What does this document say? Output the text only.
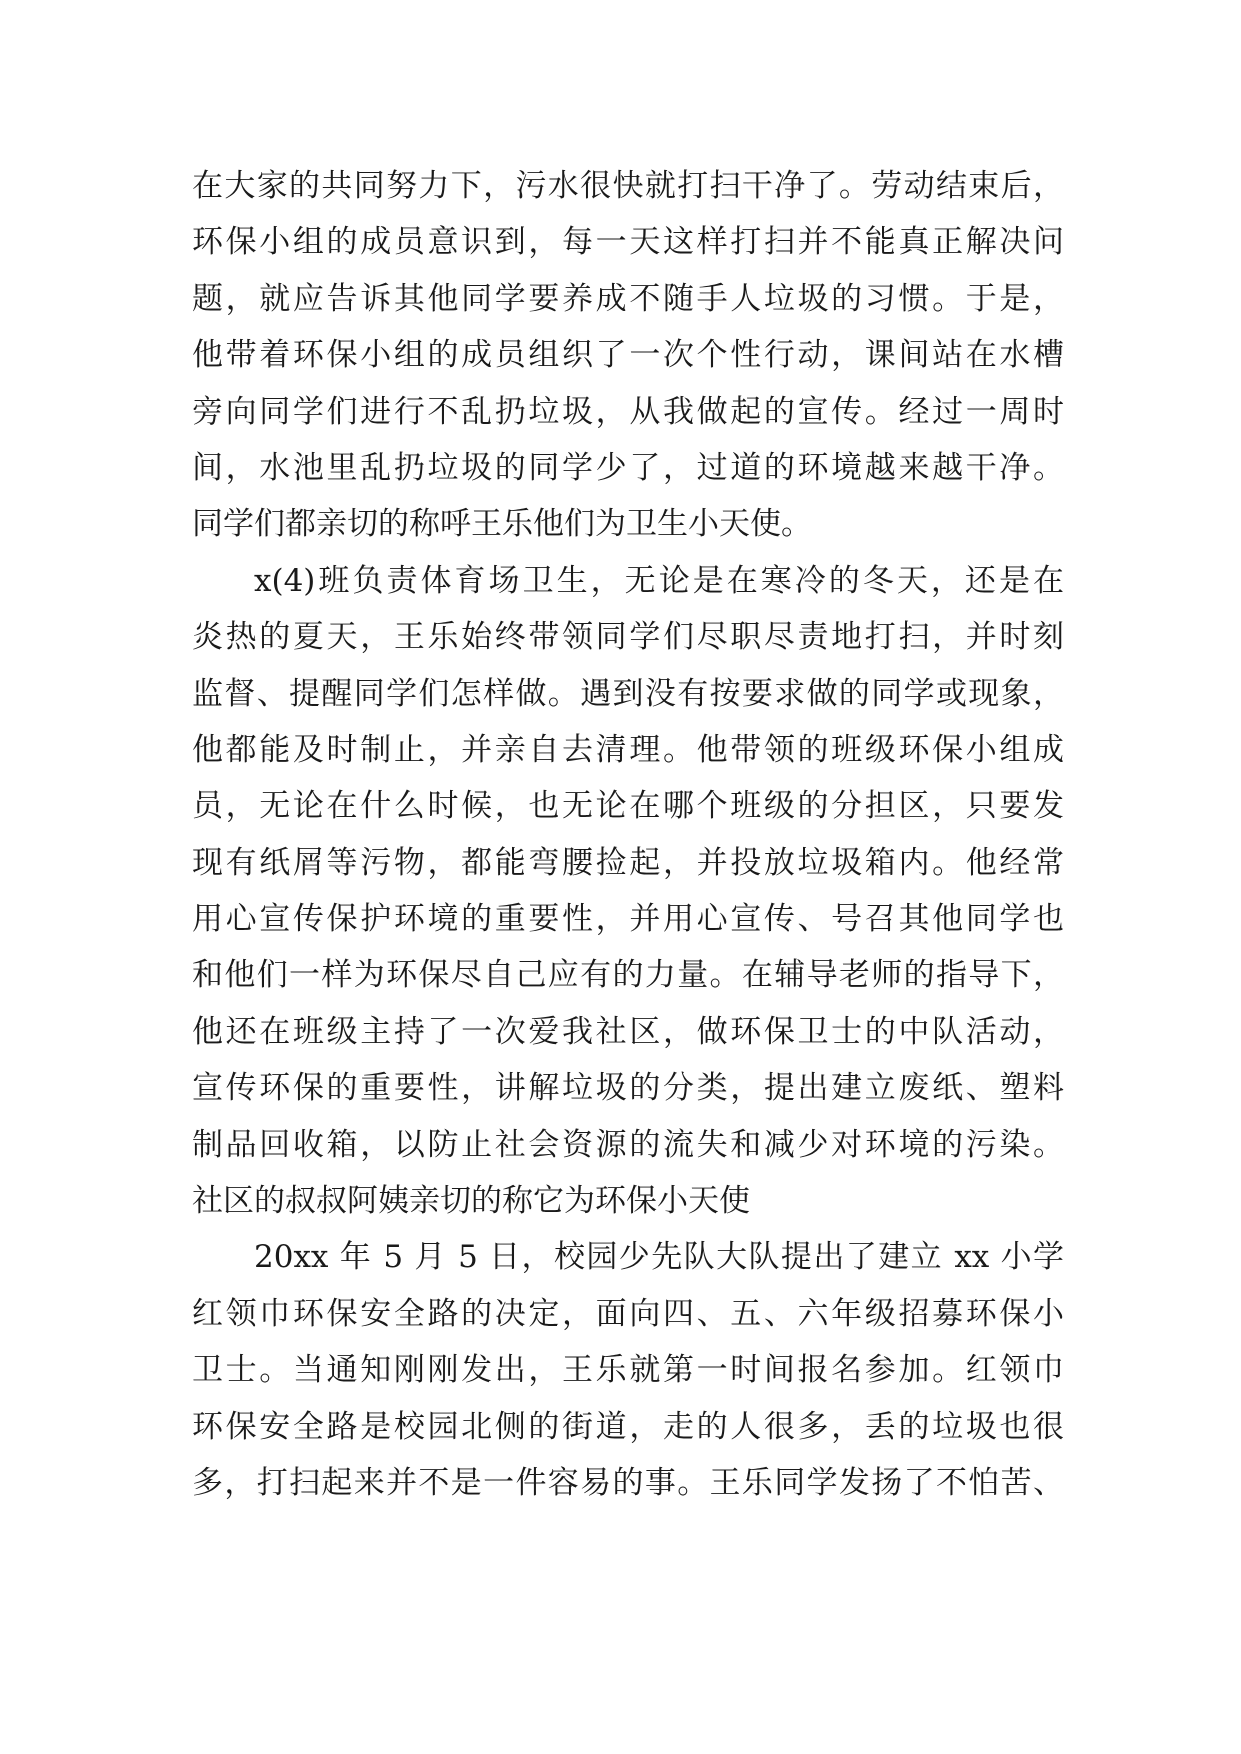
在大家的共同努力下，污水很快就打扫干净了。劳动结束后，
环保小组的成员意识到，每一天这样打扫并不能真正解决问
题，就应告诉其他同学要养成不随手人垃圾的习惯。于是，
他带着环保小组的成员组织了一次个性行动，课间站在水槽
旁向同学们进行不乱扔垃圾，从我做起的宣传。经过一周时
间，水池里乱扔垃圾的同学少了，过道的环境越来越干净。
同学们都亲切的称呼王乐他们为卫生小天使。
x(4)班负责体育场卫生，无论是在寒冷的冬天，还是在
炎热的夏天，王乐始终带领同学们尽职尽责地打扫，并时刻
监督、提醒同学们怎样做。遇到没有按要求做的同学或现象，
他都能及时制止，并亲自去清理。他带领的班级环保小组成
员，无论在什么时候，也无论在哪个班级的分担区，只要发
现有纸屑等污物，都能弯腰捡起，并投放垃圾箱内。他经常
用心宣传保护环境的重要性，并用心宣传、号召其他同学也
和他们一样为环保尽自己应有的力量。在辅导老师的指导下，
他还在班级主持了一次爱我社区，做环保卫士的中队活动，
宣传环保的重要性，讲解垃圾的分类，提出建立废纸、塑料
制品回收箱，以防止社会资源的流失和减少对环境的污染。
社区的叔叔阿姨亲切的称它为环保小天使
20xx 年 5 月 5 日，校园少先队大队提出了建立 xx 小学
红领巾环保安全路的决定，面向四、五、六年级招募环保小
卫士。当通知刚刚发出，王乐就第一时间报名参加。红领巾
环保安全路是校园北侧的街道，走的人很多，丢的垃圾也很
多，打扫起来并不是一件容易的事。王乐同学发扬了不怕苦、
